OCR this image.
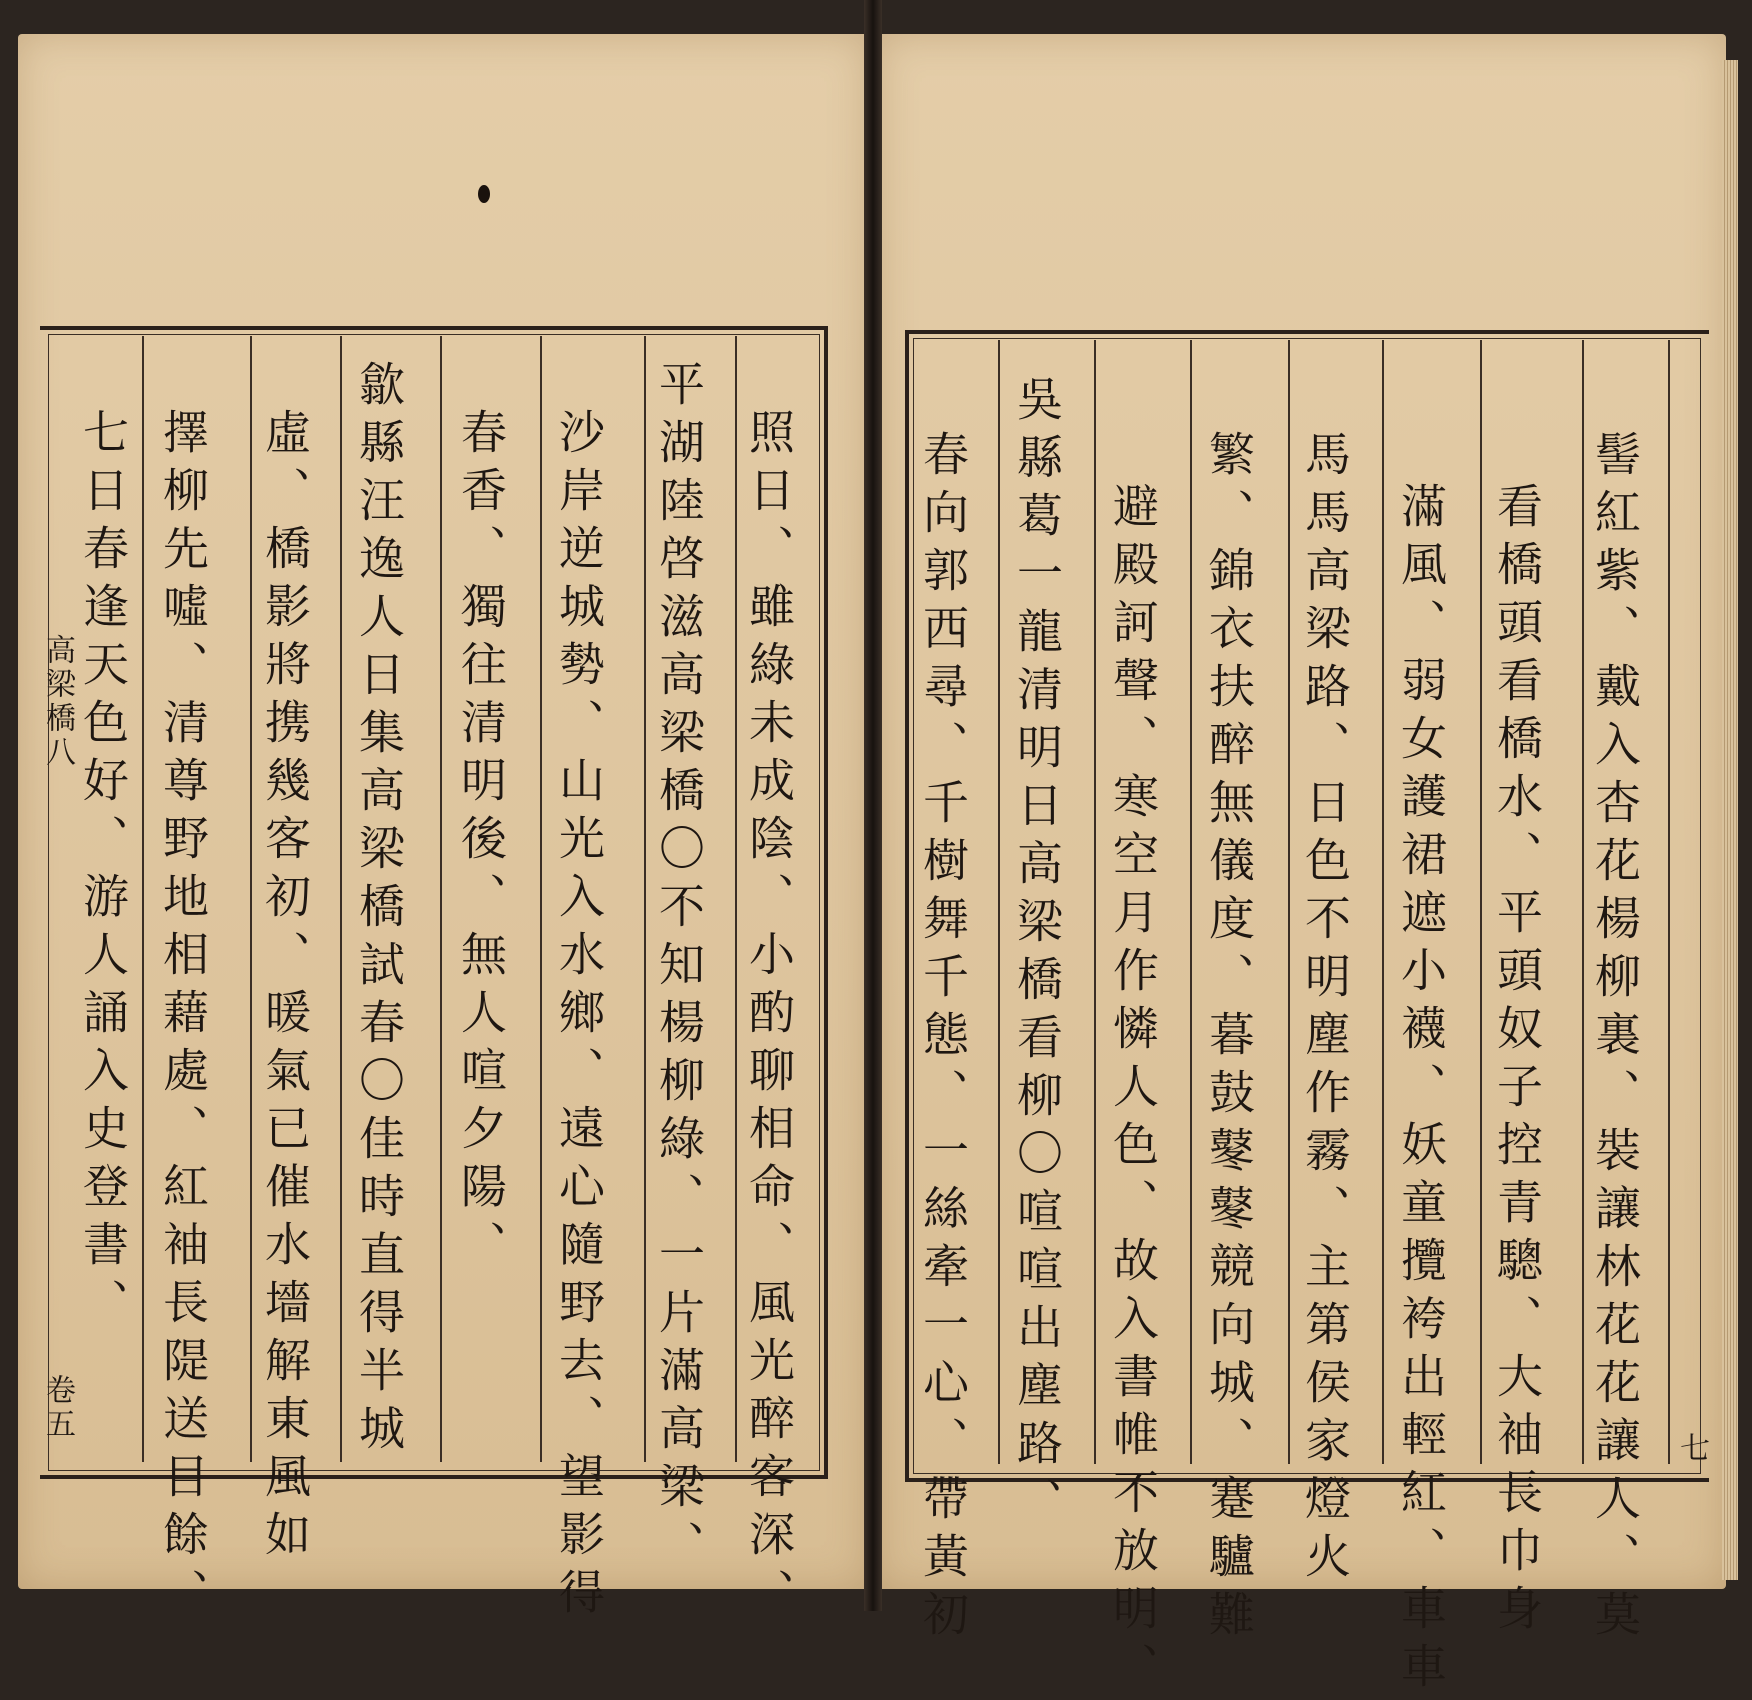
照日、雖綠未成陰、小酌聊相命、風光醉客深、
平湖陸啓滋高梁橋〇不知楊柳綠、一片滿高梁、
沙岸逆城勢、山光入水鄉、遠心隨野去、望影得
春香、獨往清明後、無人喧夕陽、
歙縣汪逸人日集高梁橋試春〇佳時直得半城
虛、橋影將携幾客初、暖氣已催水墻解東風如
擇柳先噓、清尊野地相藉處、紅袖長隄送目餘、
七日春逢天色好、游人誦入史登書、
高梁橋八
卷五	髻紅紫、戴入杏花楊柳裏、裝讓林花花讓人、莫
看橋頭看橋水、平頭奴子控青驄、大袖長巾身
滿風、弱女護裙遮小襪、妖童攬袴出輕紅、車車
馬馬高梁路、日色不明塵作霧、主第侯家燈火
繁、錦衣扶醉無儀度、暮鼓鼕鼕競向城、蹇驢難
避殿訶聲、寒空月作憐人色、故入書帷不放明、
吳縣葛一龍清明日高梁橋看柳〇喧喧出塵路、
春向郭西尋、千樹舞千態、一絲牽一心、帶黃初	七
